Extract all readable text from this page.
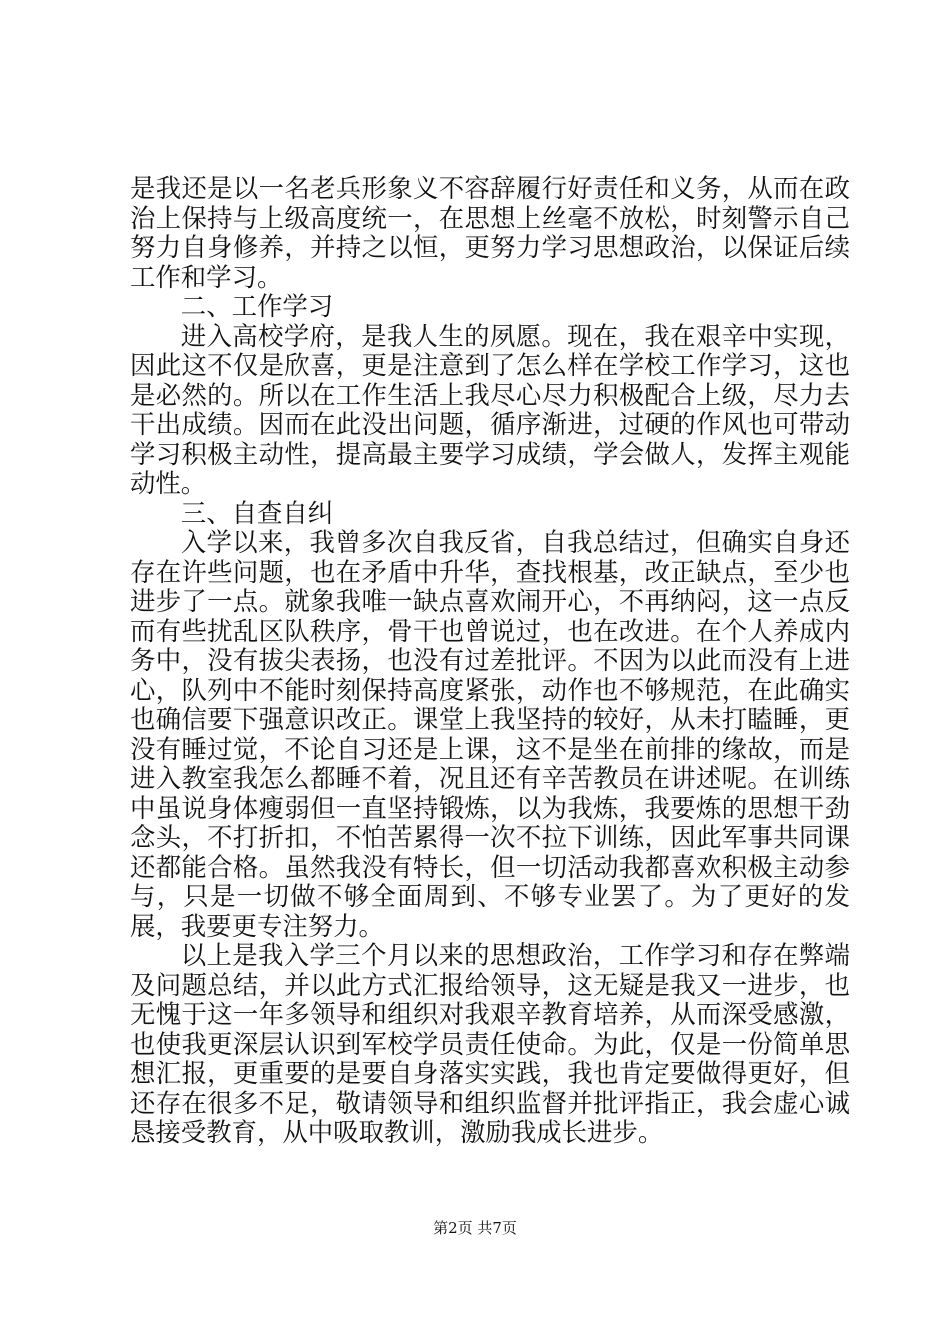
是我还是以一名老兵形象义不容辞履行好责任和义务，从而在政治上保持与上级高度统一，在思想上丝毫不放松，时刻警示自己努力自身修养，并持之以恒，更努力学习思想政治，以保证后续工作和学习。

二、工作学习

进入高校学府，是我人生的夙愿。现在，我在艰辛中实现，因此这不仅是欣喜，更是注意到了怎么样在学校工作学习，这也是必然的。所以在工作生活上我尽心尽力积极配合上级，尽力去干出成绩。因而在此没出问题，循序渐进，过硬的作风也可带动学习积极主动性，提高最主要学习成绩，学会做人，发挥主观能动性。

三、自查自纠

入学以来，我曾多次自我反省，自我总结过，但确实自身还存在许些问题，也在矛盾中升华，查找根基，改正缺点，至少也进步了一点。就象我唯一缺点喜欢闹开心，不再纳闷，这一点反而有些扰乱区队秩序，骨干也曾说过，也在改进。在个人养成内务中，没有拔尖表扬，也没有过差批评。不因为以此而没有上进心，队列中不能时刻保持高度紧张，动作也不够规范，在此确实也确信要下强意识改正。课堂上我坚持的较好，从未打瞌睡，更没有睡过觉，不论自习还是上课，这不是坐在前排的缘故，而是进入教室我怎么都睡不着，况且还有辛苦教员在讲述呢。在训练中虽说身体瘦弱但一直坚持锻炼，以为我炼，我要炼的思想干劲念头，不打折扣，不怕苦累得一次不拉下训练，因此军事共同课还都能合格。虽然我没有特长，但一切活动我都喜欢积极主动参与，只是一切做不够全面周到、不够专业罢了。为了更好的发展，我要更专注努力。

以上是我入学三个月以来的思想政治，工作学习和存在弊端及问题总结，并以此方式汇报给领导，这无疑是我又一进步，也无愧于这一年多领导和组织对我艰辛教育培养，从而深受感激，也使我更深层认识到军校学员责任使命。为此，仅是一份简单思想汇报，更重要的是要自身落实实践，我也肯定要做得更好，但还存在很多不足，敬请领导和组织监督并批评指正，我会虚心诚恳接受教育，从中吸取教训，激励我成长进步。

第2页 共7页
